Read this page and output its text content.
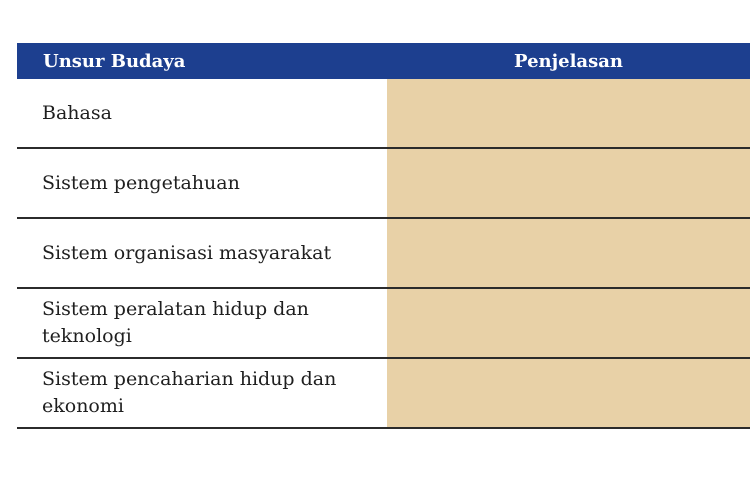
Unsur Budaya	Penjelasan
Bahasa
Sistem pengetahuan
Sistem organisasi masyarakat
Sistem peralatan hidup dan teknologi
Sistem pencaharian hidup dan ekonomi
